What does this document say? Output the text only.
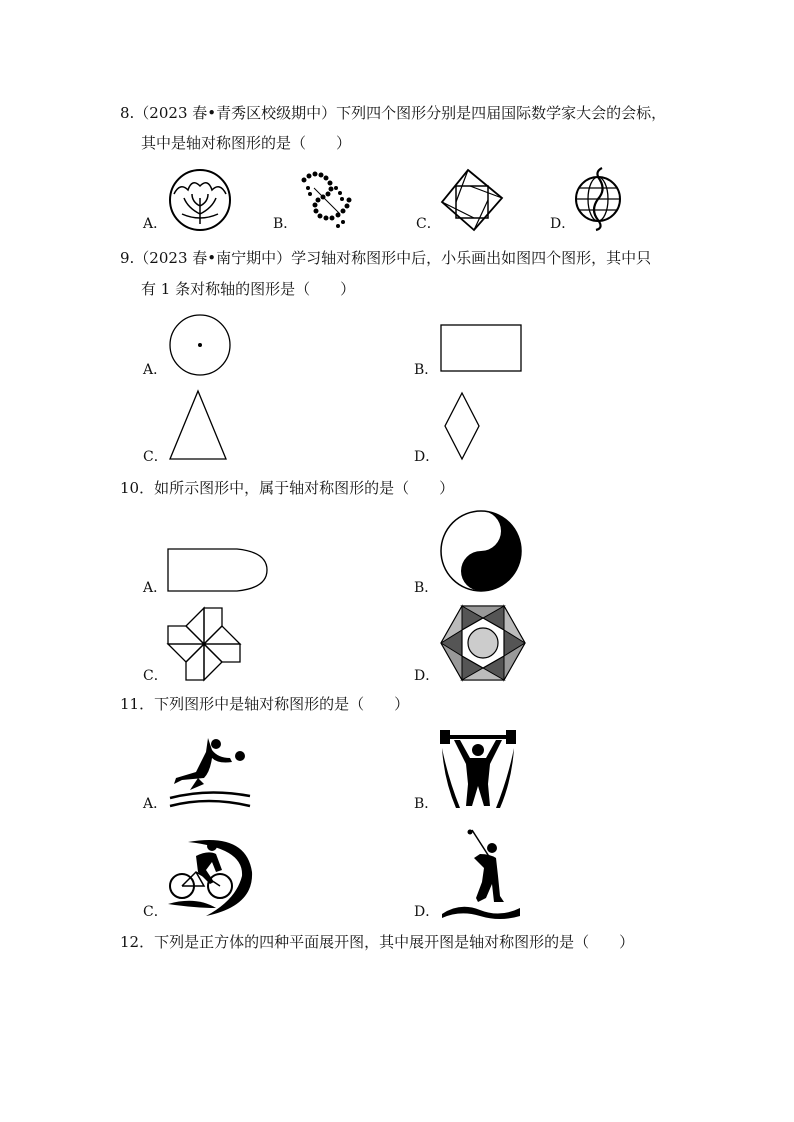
8.（2023 春•青秀区校级期中）下列四个图形分别是四届国际数学家大会的会标，
其中是轴对称图形的是（　　）
A．	B．	C．	D．
9.（2023 春•南宁期中）学习轴对称图形中后，小乐画出如图四个图形，其中只
有 1 条对称轴的图形是（　　）
A．	B．
C．	D．
10．如所示图形中，属于轴对称图形的是（　　）
A．	B．
C．	D．
11．下列图形中是轴对称图形的是（　　）
A．	B．
C．	D．
12．下列是正方体的四种平面展开图，其中展开图是轴对称图形的是（　　）
